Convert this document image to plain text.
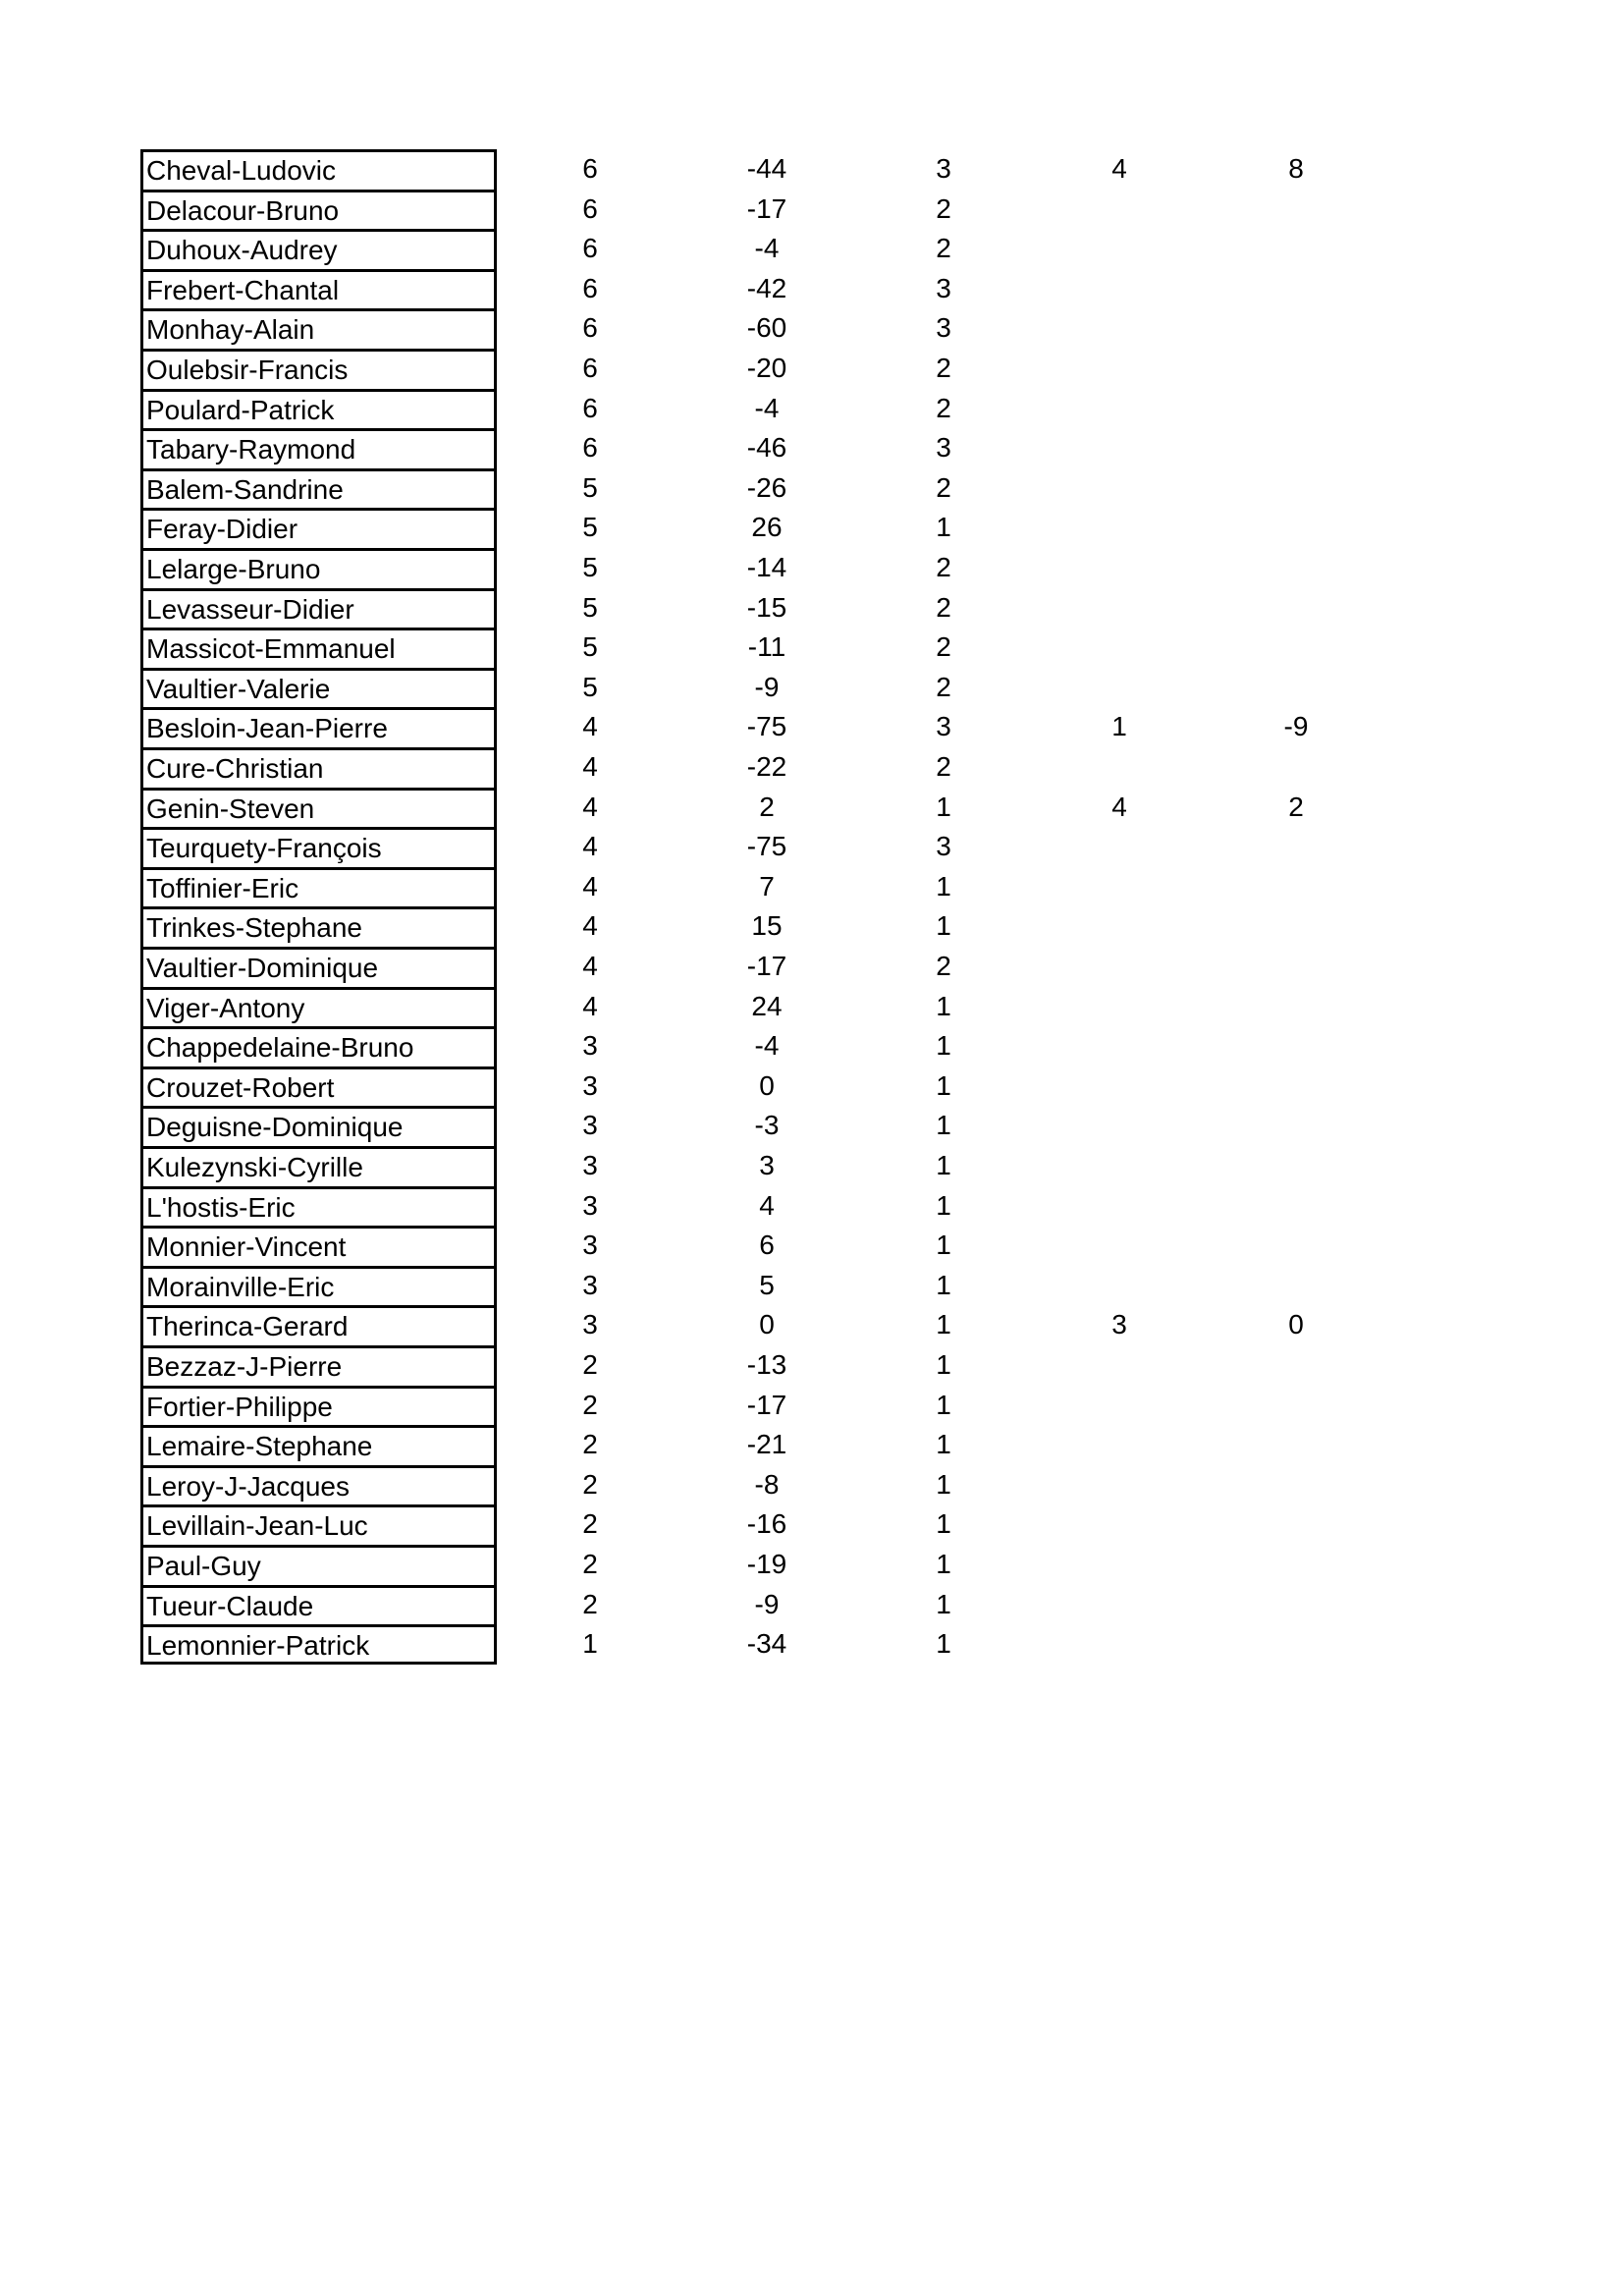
Cheval-Ludovic	6	-44	3	4	8
Delacour-Bruno	6	-17	2
Duhoux-Audrey	6	-4	2
Frebert-Chantal	6	-42	3
Monhay-Alain	6	-60	3
Oulebsir-Francis	6	-20	2
Poulard-Patrick	6	-4	2
Tabary-Raymond	6	-46	3
Balem-Sandrine	5	-26	2
Feray-Didier	5	26	1
Lelarge-Bruno	5	-14	2
Levasseur-Didier	5	-15	2
Massicot-Emmanuel	5	-11	2
Vaultier-Valerie	5	-9	2
Besloin-Jean-Pierre	4	-75	3	1	-9
Cure-Christian	4	-22	2
Genin-Steven	4	2	1	4	2
Teurquety-François	4	-75	3
Toffinier-Eric	4	7	1
Trinkes-Stephane	4	15	1
Vaultier-Dominique	4	-17	2
Viger-Antony	4	24	1
Chappedelaine-Bruno	3	-4	1
Crouzet-Robert	3	0	1
Deguisne-Dominique	3	-3	1
Kulezynski-Cyrille	3	3	1
L'hostis-Eric	3	4	1
Monnier-Vincent	3	6	1
Morainville-Eric	3	5	1
Therinca-Gerard	3	0	1	3	0
Bezzaz-J-Pierre	2	-13	1
Fortier-Philippe	2	-17	1
Lemaire-Stephane	2	-21	1
Leroy-J-Jacques	2	-8	1
Levillain-Jean-Luc	2	-16	1
Paul-Guy	2	-19	1
Tueur-Claude	2	-9	1
Lemonnier-Patrick	1	-34	1
